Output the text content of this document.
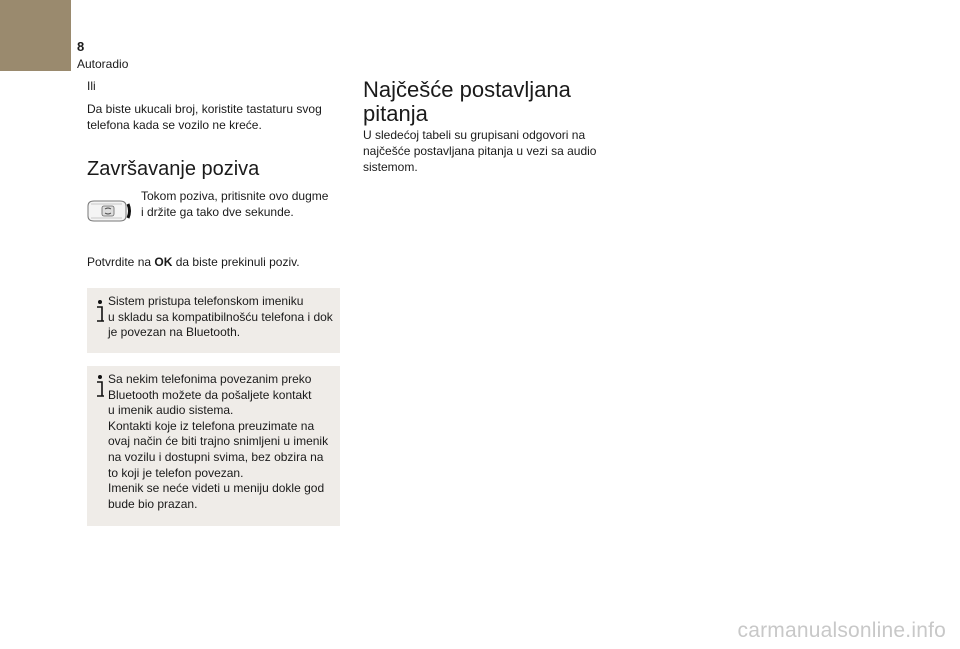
8
Autoradio

Ili

Da biste ukucali broj, koristite tastaturu svog

telefona kada se vozilo ne kreće.

Završavanje poziva

Tokom poziva, pritisnite ovo dugme

i držite ga tako dve sekunde.

Potvrdite na OK da biste prekinuli poziv.

Sistem pristupa telefonskom imeniku
u skladu sa kompatibilnošću telefona i dok
je povezan na Bluetooth.

Sa nekim telefonima povezanim preko
Bluetooth možete da pošaljete kontakt
u imenik audio sistema.
Kontakti koje iz telefona preuzimate na
ovaj način će biti trajno snimljeni u imenik
na vozilu i dostupni svima, bez obzira na
to koji je telefon povezan.
Imenik se neće videti u meniju dokle god
bude bio prazan.

Najčešće postavljana
pitanja

U sledećoj tabeli su grupisani odgovori na

najčešće postavljana pitanja u vezi sa audio

sistemom.

carmanualsonline.info
